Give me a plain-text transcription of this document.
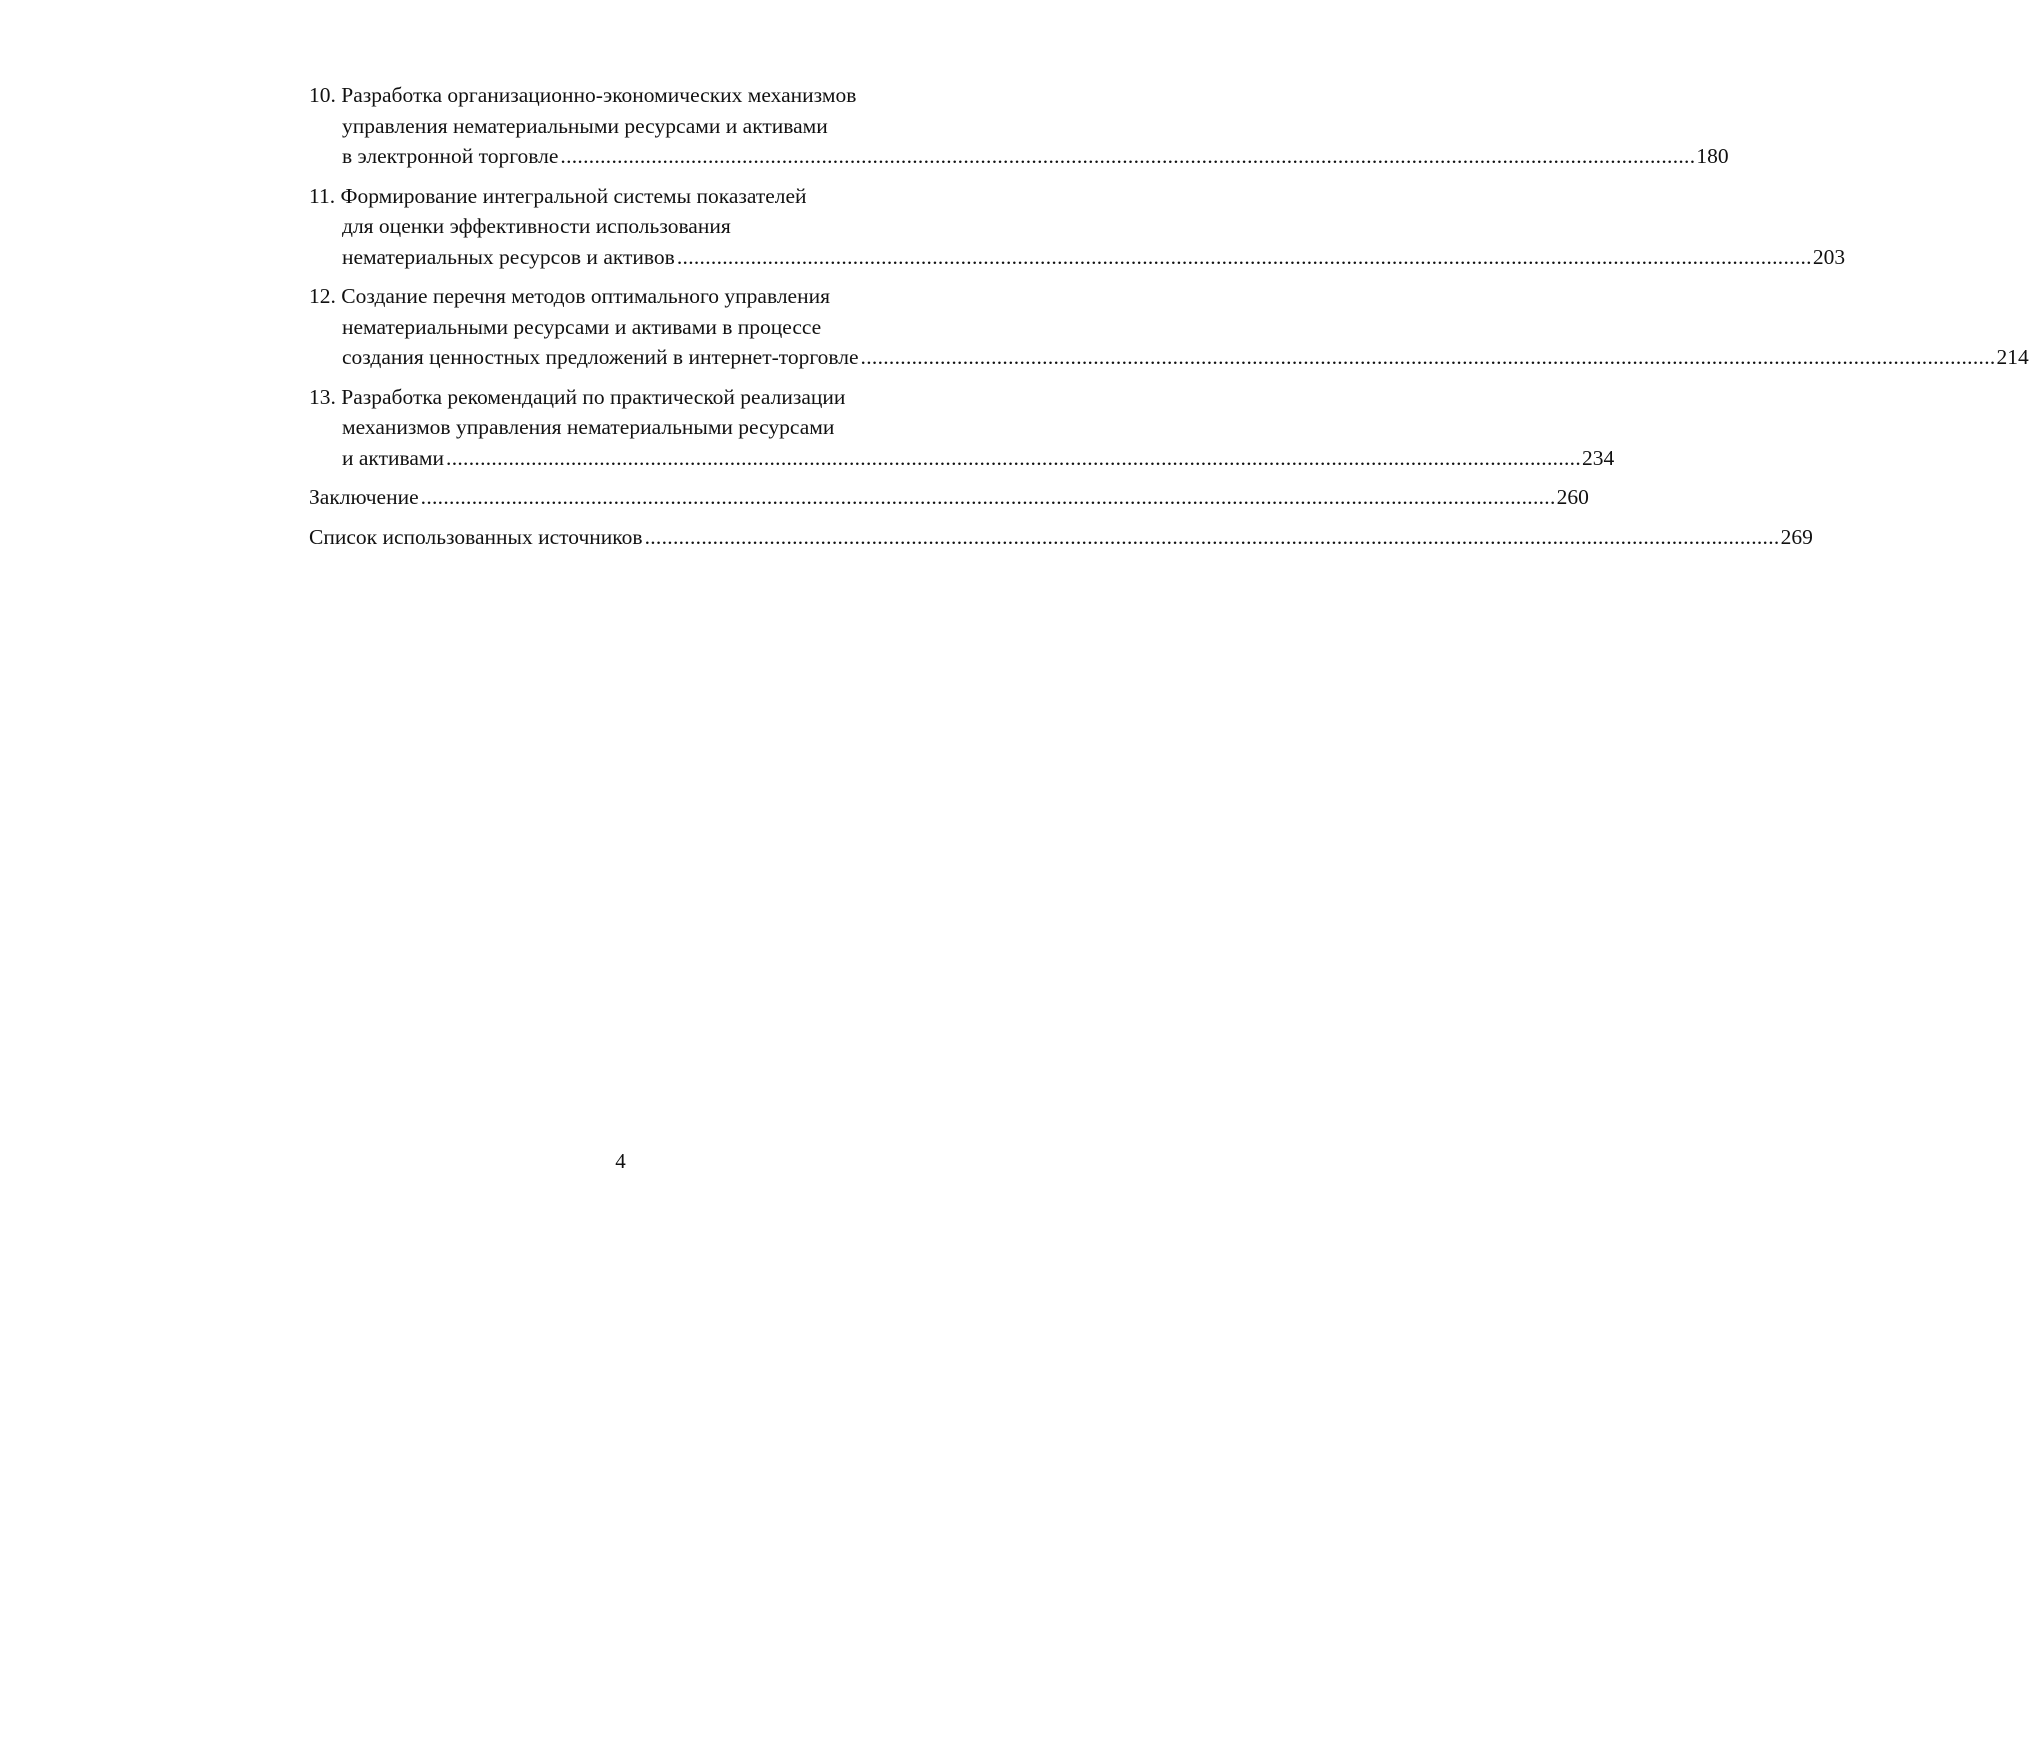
10. Разработка организационно-экономических механизмов
управления нематериальными ресурсами и активами
в электронной торговле ........................................................................................................................................................................................................ 180
11. Формирование интегральной системы показателей
для оценки эффективности использования
нематериальных ресурсов и активов ........................................................................................................................................................................................................ 203
12. Создание перечня методов оптимального управления
нематериальными ресурсами и активами в процессе
создания ценностных предложений в интернет-торговле ........................................................................................................................................................................................................ 214
13. Разработка рекомендаций по практической реализации
механизмов управления нематериальными ресурсами
и активами ........................................................................................................................................................................................................ 234
Заключение ........................................................................................................................................................................................................ 260
Список использованных источников ........................................................................................................................................................................................................ 269
4
